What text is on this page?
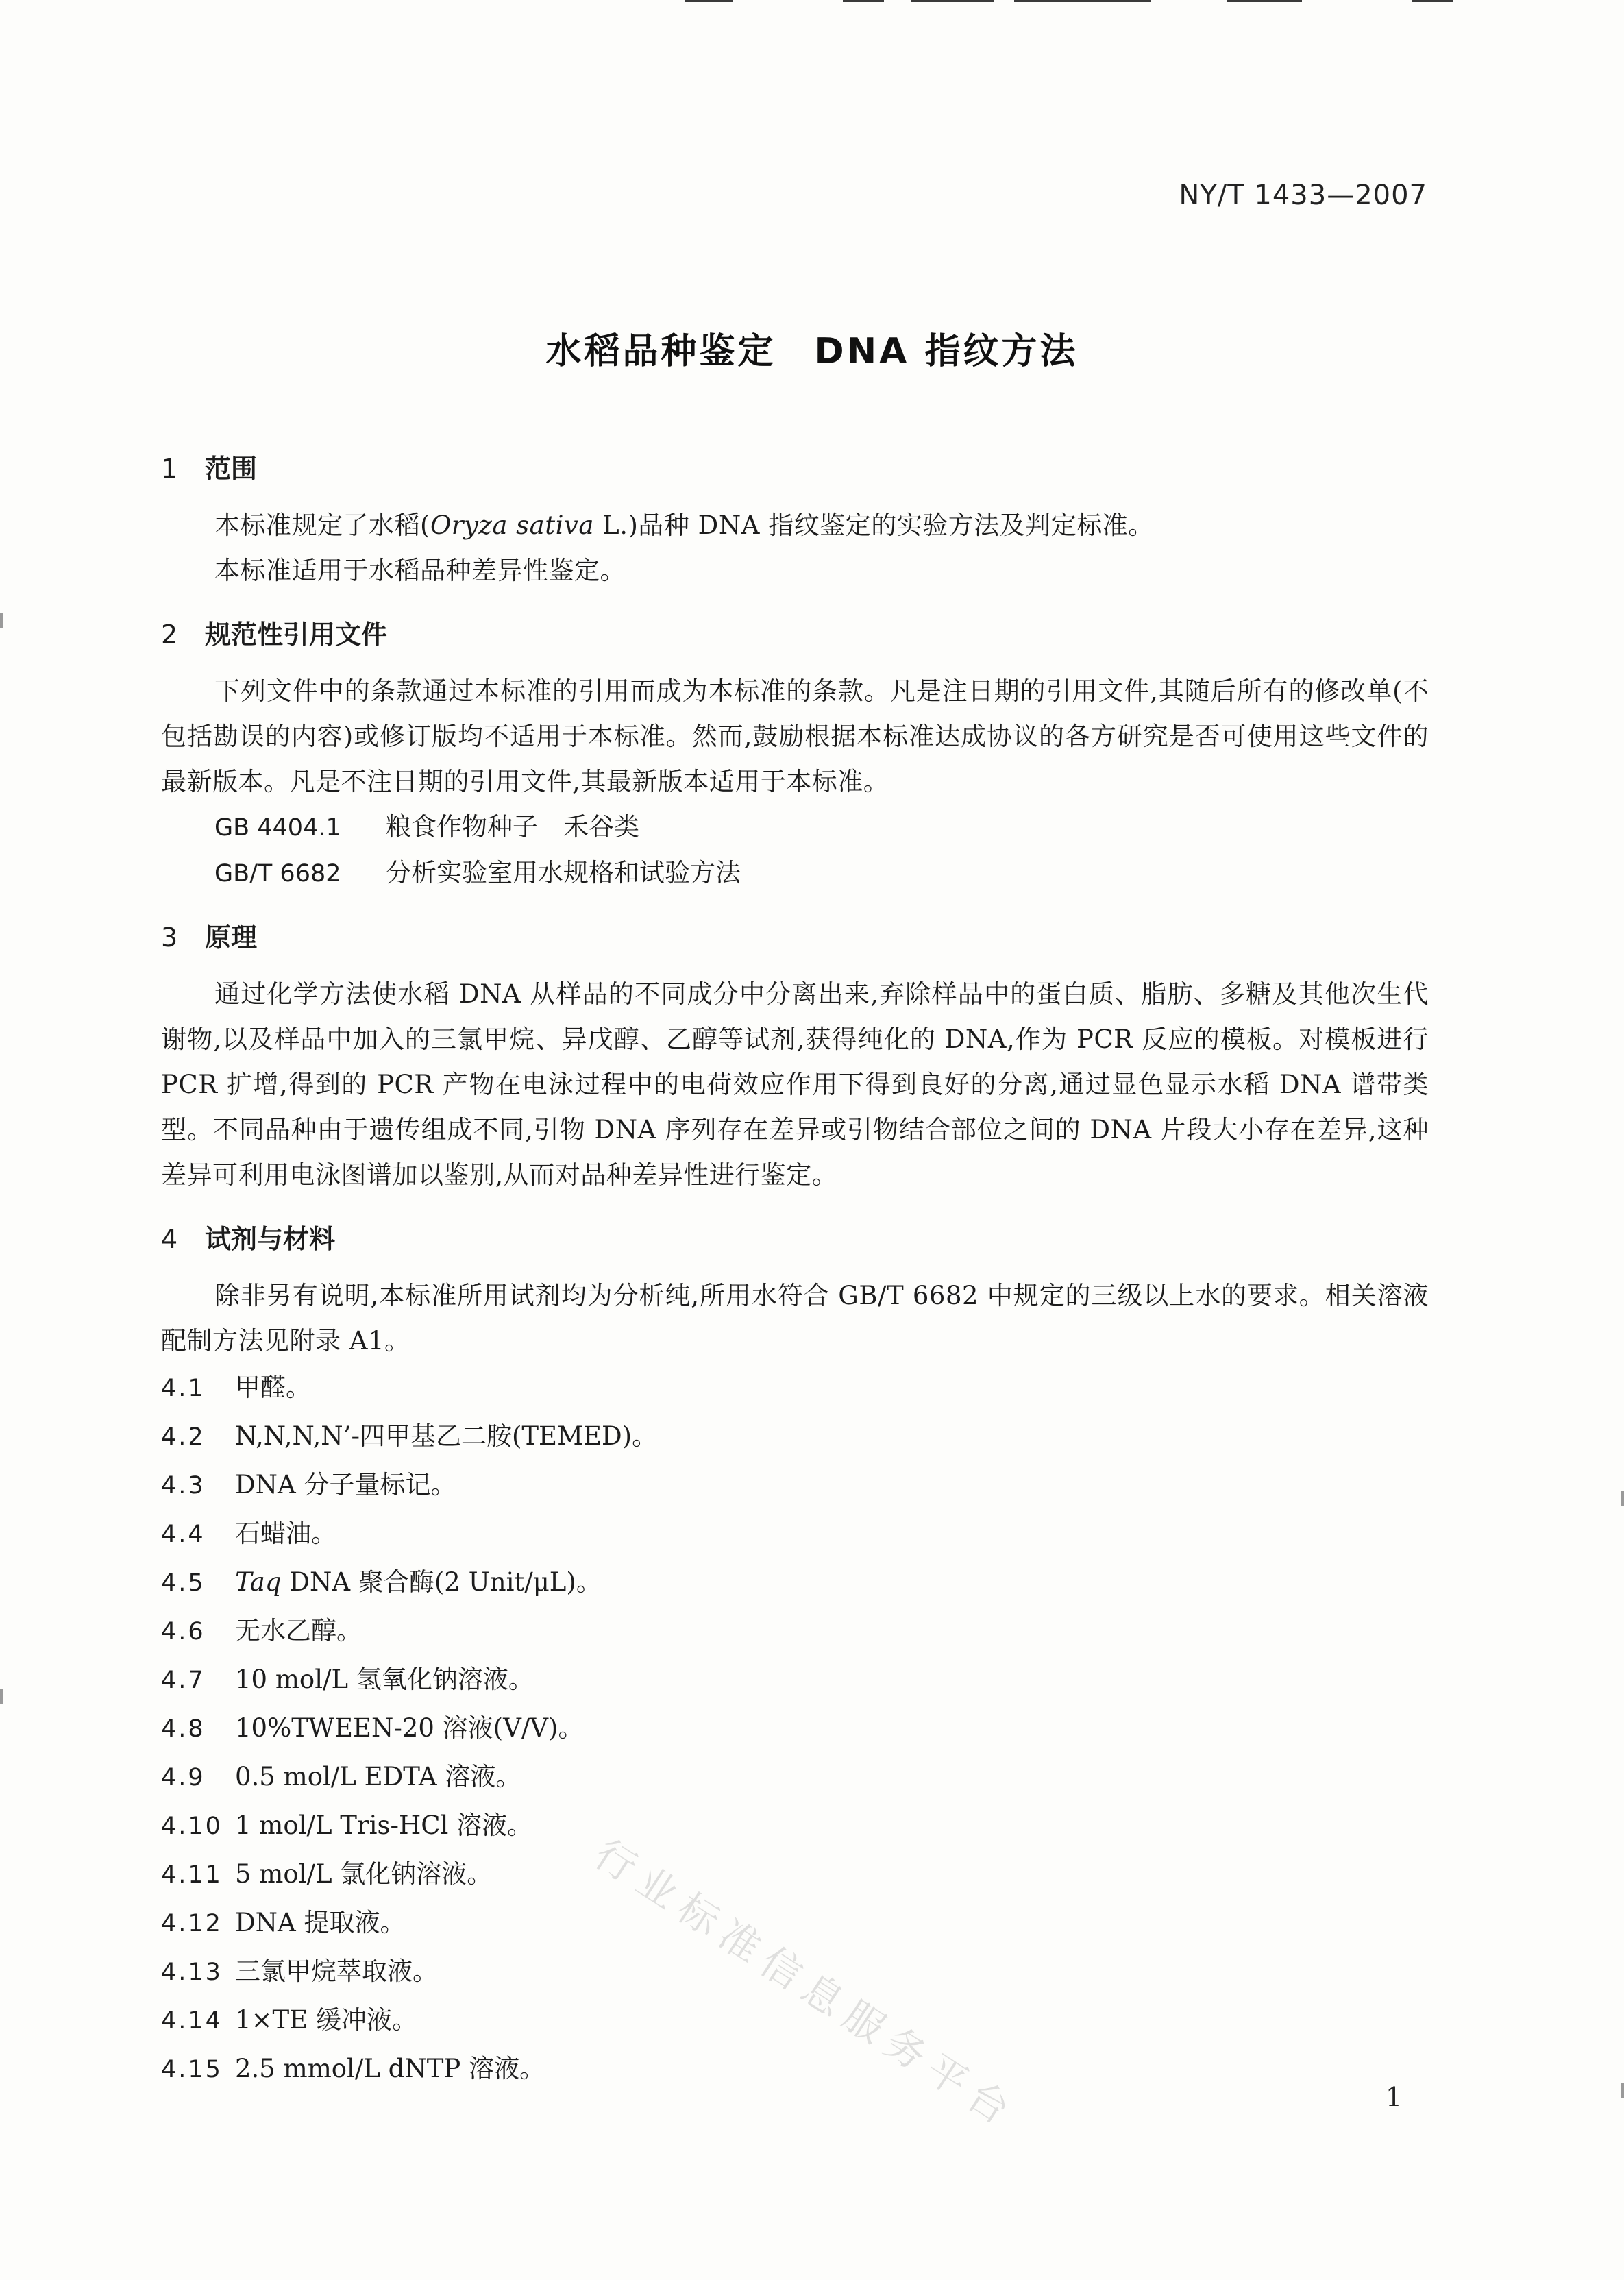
NY/T 1433—2007
水稻品种鉴定　DNA 指纹方法

1 范围

本标准规定了水稻(Oryza sativa L.)品种 DNA 指纹鉴定的实验方法及判定标准。

本标准适用于水稻品种差异性鉴定。

2 规范性引用文件

下列文件中的条款通过本标准的引用而成为本标准的条款。凡是注日期的引用文件,其随后所有的修改单(不包括勘误的内容)或修订版均不适用于本标准。然而,鼓励根据本标准达成协议的各方研究是否可使用这些文件的最新版本。凡是不注日期的引用文件,其最新版本适用于本标准。

GB 4404.1 粮食作物种子　禾谷类

GB/T 6682 分析实验室用水规格和试验方法

3 原理

通过化学方法使水稻 DNA 从样品的不同成分中分离出来,弃除样品中的蛋白质、脂肪、多糖及其他次生代谢物,以及样品中加入的三氯甲烷、异戊醇、乙醇等试剂,获得纯化的 DNA,作为 PCR 反应的模板。对模板进行 PCR 扩增,得到的 PCR 产物在电泳过程中的电荷效应作用下得到良好的分离,通过显色显示水稻 DNA 谱带类型。不同品种由于遗传组成不同,引物 DNA 序列存在差异或引物结合部位之间的 DNA 片段大小存在差异,这种差异可利用电泳图谱加以鉴别,从而对品种差异性进行鉴定。

4 试剂与材料

除非另有说明,本标准所用试剂均为分析纯,所用水符合 GB/T 6682 中规定的三级以上水的要求。相关溶液配制方法见附录 A1。

4.1 甲醛。

4.2 N,N,N,N’-四甲基乙二胺(TEMED)。

4.3 DNA 分子量标记。

4.4 石蜡油。

4.5 Taq DNA 聚合酶(2 Unit/μL)。

4.6 无水乙醇。

4.7 10 mol/L 氢氧化钠溶液。

4.8 10%TWEEN-20 溶液(V/V)。

4.9 0.5 mol/L EDTA 溶液。

4.10 1 mol/L Tris-HCl 溶液。

4.11 5 mol/L 氯化钠溶液。

4.12 DNA 提取液。

4.13 三氯甲烷萃取液。

4.14 1×TE 缓冲液。

4.15 2.5 mmol/L dNTP 溶液。	行业标准信息服务平台	1
